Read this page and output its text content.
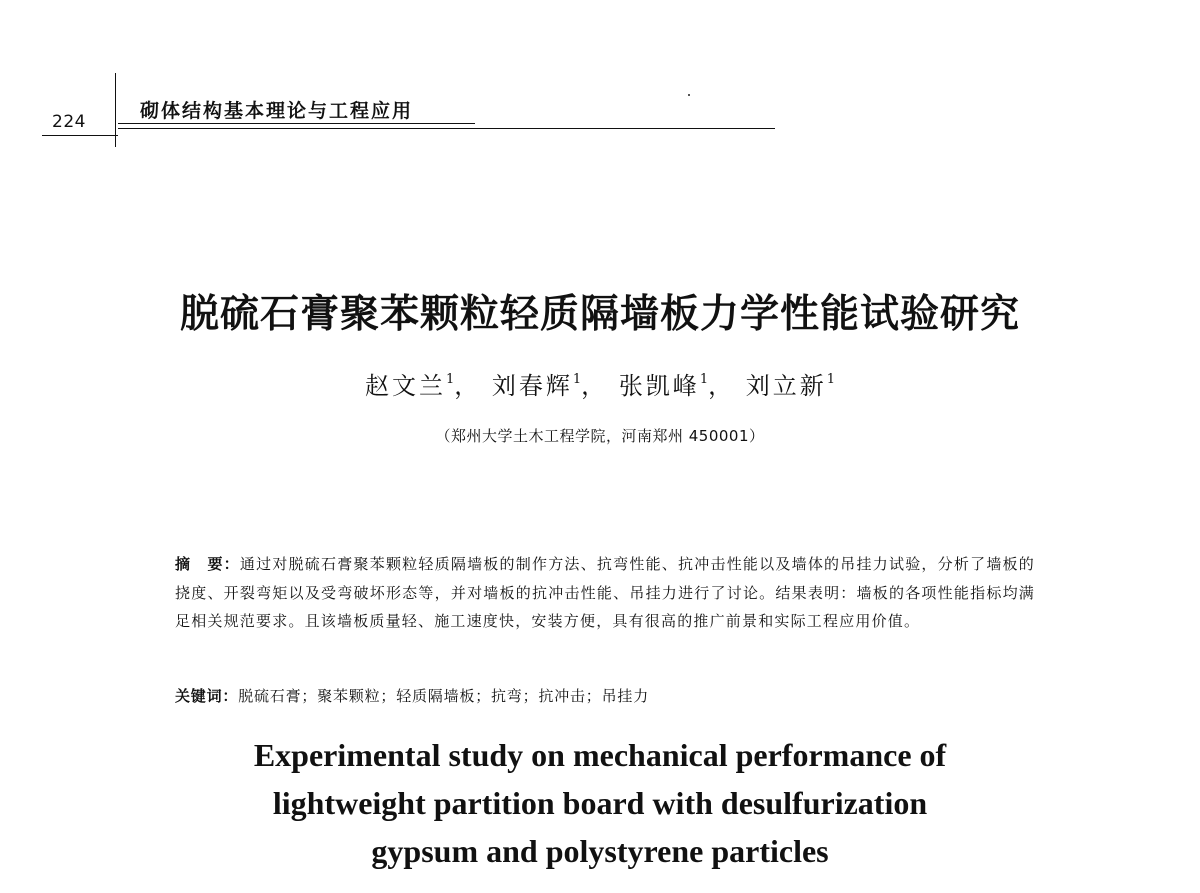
224	砌体结构基本理论与工程应用
脱硫石膏聚苯颗粒轻质隔墙板力学性能试验研究
赵文兰$^1$， 刘春辉$^1$， 张凯峰$^1$， 刘立新$^1$
（郑州大学土木工程学院，河南郑州 450001）
摘　要：通过对脱硫石膏聚苯颗粒轻质隔墙板的制作方法、抗弯性能、抗冲击性能以及墙体的吊挂力试验，分析了墙板的挠度、开裂弯矩以及受弯破坏形态等，并对墙板的抗冲击性能、吊挂力进行了讨论。结果表明：墙板的各项性能指标均满足相关规范要求。且该墙板质量轻、施工速度快，安装方便，具有很高的推广前景和实际工程应用价值。
关键词：脱硫石膏；聚苯颗粒；轻质隔墙板；抗弯；抗冲击；吊挂力
Experimental study on mechanical performance of
lightweight partition board with desulfurization
gypsum and polystyrene particles
